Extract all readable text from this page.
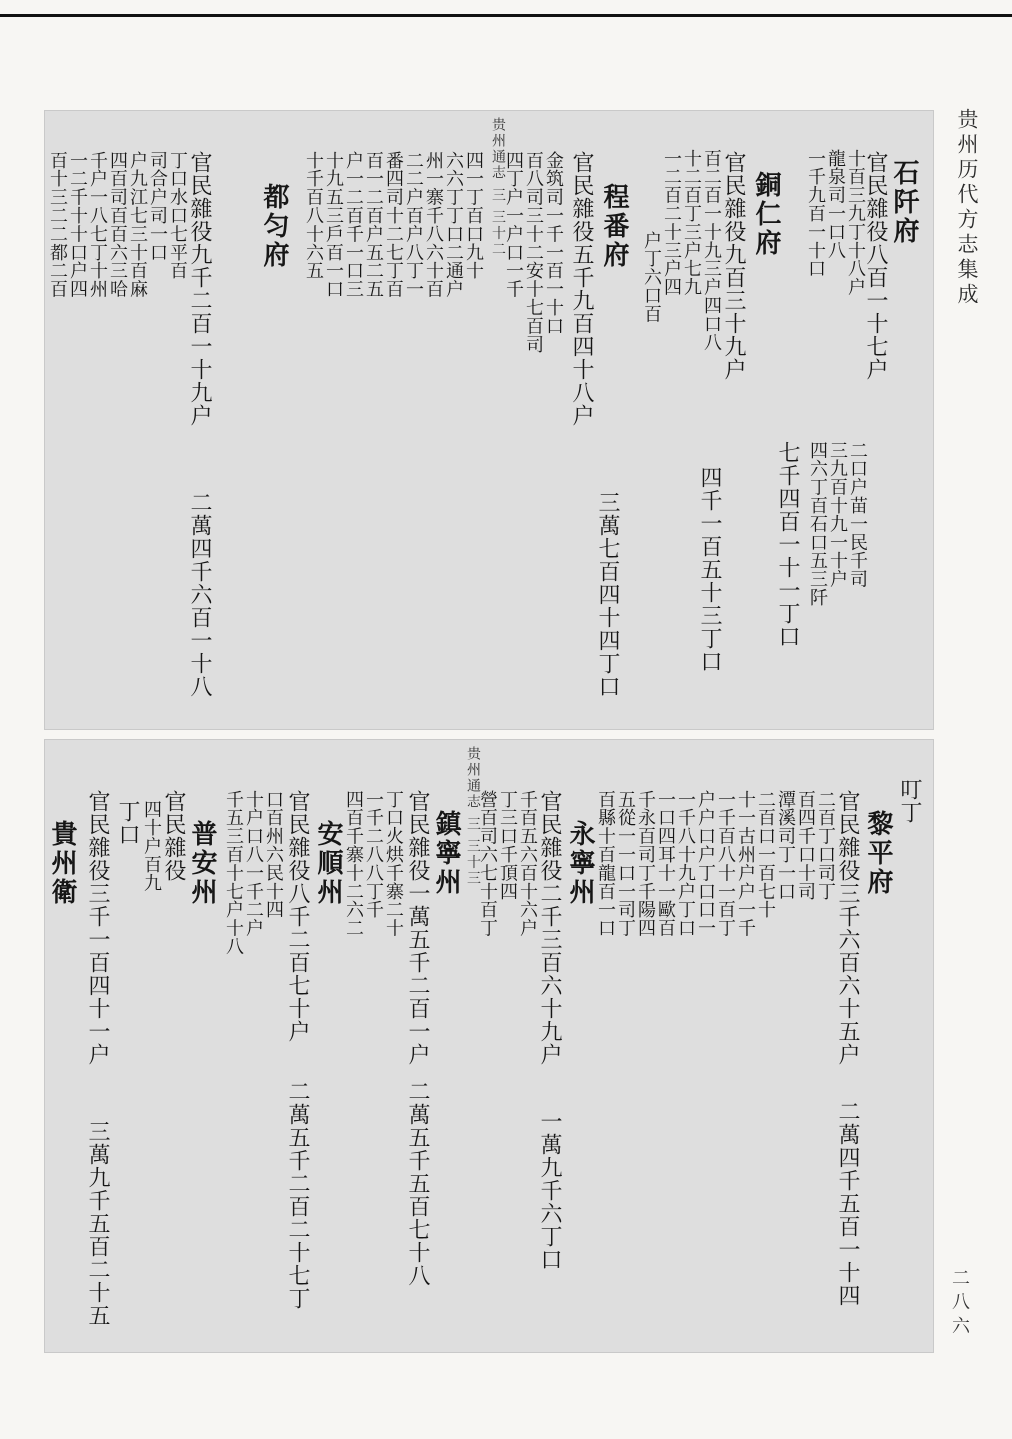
贵州历代方志集成
二八六
石阡府
官民雜役八百一十七户
十百三九丁十八户
龍泉司一口八
一千九百一十口
七千四百一十一丁口	二口户苗一民千司
三九百十九一十户
四六丁百石口五三阡
銅仁府
官民雜役九百三十九户
百二百一十九三户四口八
十二百丁三户七九
一二百二十三户四
户丁六口百
四千一百五十三丁口
程番府
官民雜役五千九百四十八户
金筑司一千一百一十口
百八司三十二安十七百司
四丁户一户口一千
三萬七百四十四丁口
贵州通志 三 三十二
都匀府
官民雜役九千二百一十九户
二萬四千六百一十八
四一丁百口九十
六六丁丁口二通户
州一寨千八六十百
二二户百户八丁一
番四司十二七丁百
百一二百户五二五
户一二百千一口三
十九五三戶百一口
十千百八十六五
丁口水口七平百
司合户司一口
户九江七三十百麻
四百司百百六三哈
千户一八七丁十州
一二千十十口户四
百十三二二都二百
叮丁
黎平府
官民雜役三千六百六十五户
二萬四千五百一十四
二百丁口司丁
百四千口十司
潭溪司丁一口
二百口一百七十
十一古州户户一千
一千百八十一百丁
户户口户丁口口一
一千八十九户丁口
一口四耳十一歐百
千永百司丁千陽四
五從一一口一司丁
百縣十百龍百一口
永寧州
官民雜役二千三百六十九户
一萬九千六丁口
千百五六百十六户
丁三口千頂四
營百司六七十百丁
贵州通志 三 三十三
鎮寧州
官民雜役一萬五千二百一户
二萬五千五百七十八
丁口火烘千寨二十
一千二八八丁千
四百千寨十二六二
安順州
官民雜役八千二百七十户
二萬五千二百二十七丁
口百州六民十四
十户口八一千二户
千五三百十七户十八
普安州
官民雜役
四十户百九
丁口
官民雜役三千一百四十一户
三萬九千五百二十五
貴州衛
